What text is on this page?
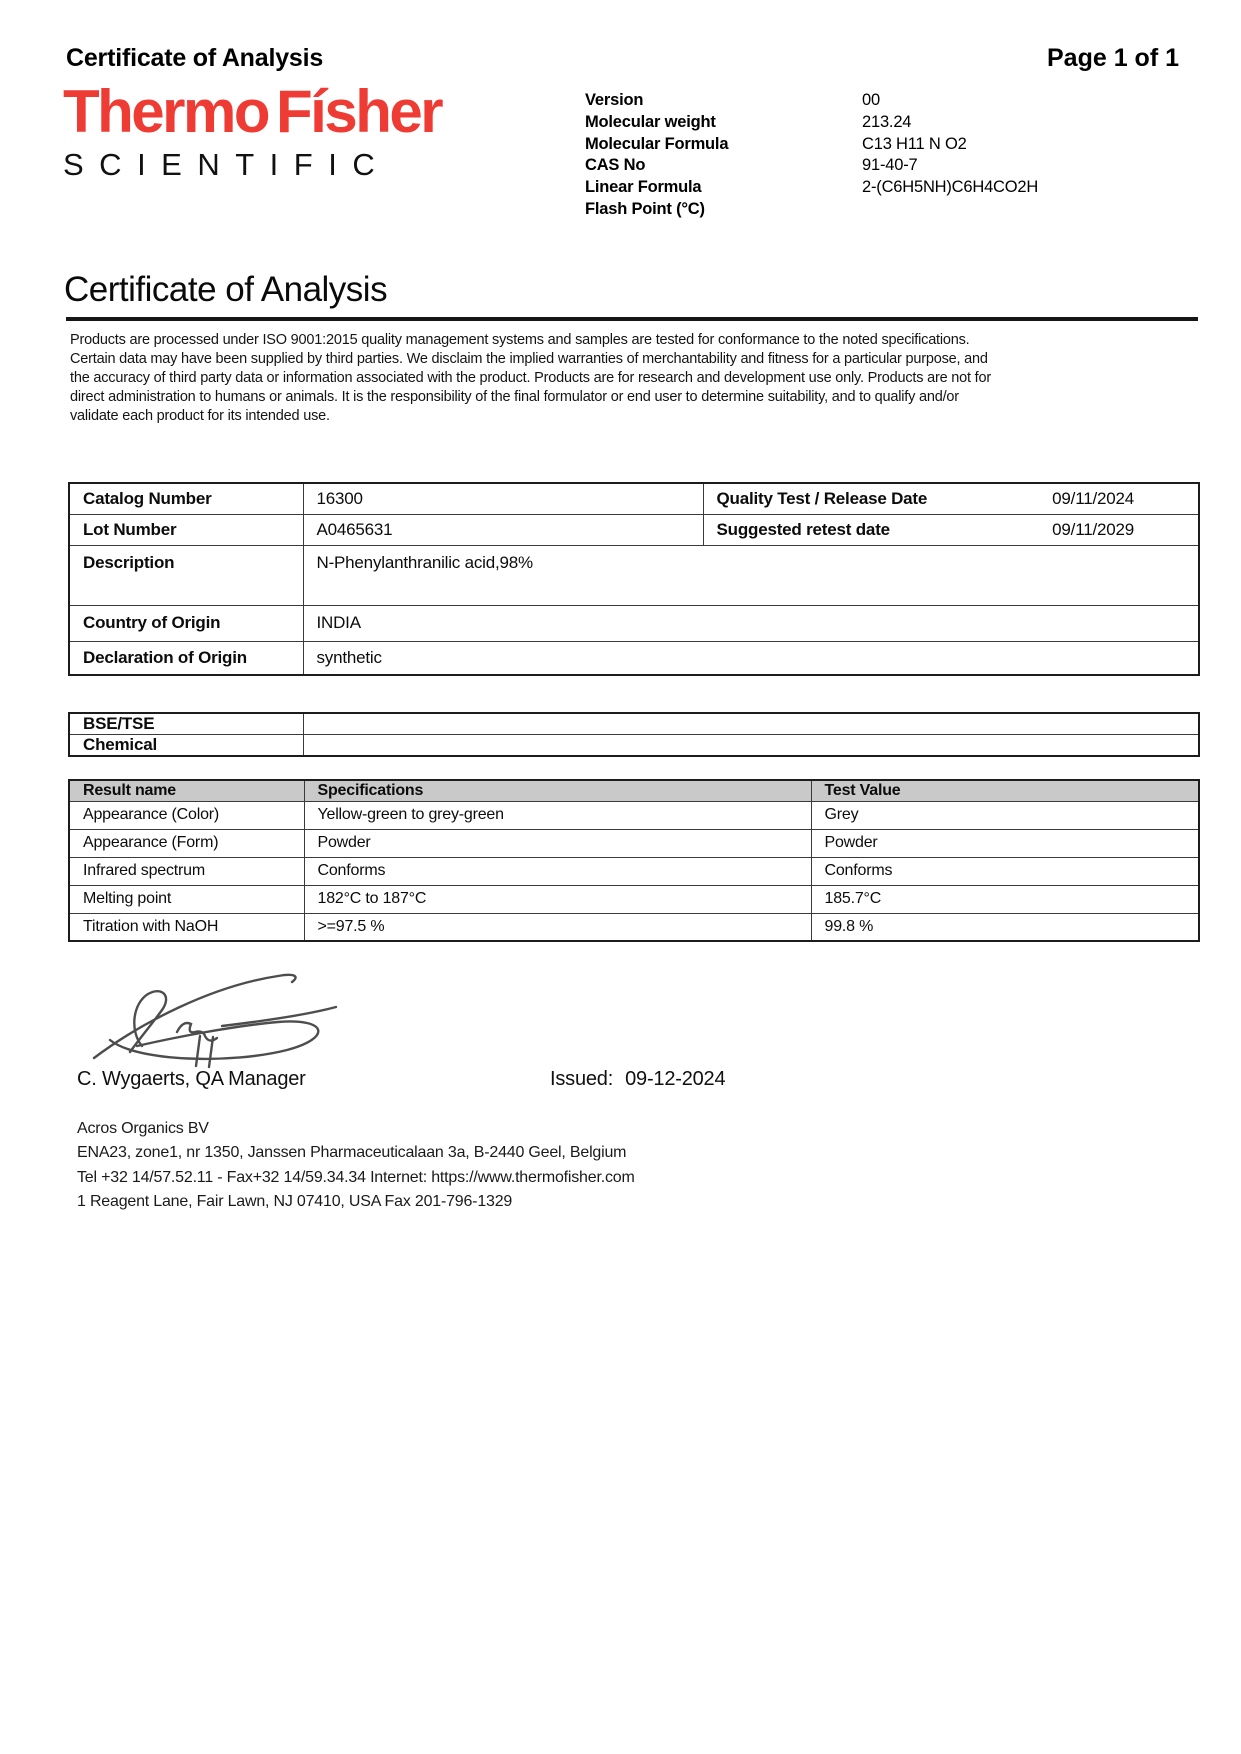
Certificate of Analysis	Page 1 of 1
Thermo Físher
SCIENTIFIC
Version	00
Molecular weight	213.24
Molecular Formula	C13 H11 N O2
CAS No	91-40-7
Linear Formula	2-(C6H5NH)C6H4CO2H
Flash Point (°C)
Certificate of Analysis
Products are processed under ISO 9001:2015 quality management systems and samples are tested for conformance to the noted specifications.
Certain data may have been supplied by third parties. We disclaim the implied warranties of merchantability and fitness for a particular purpose, and
the accuracy of third party data or information associated with the product. Products are for research and development use only. Products are not for
direct administration to humans or animals. It is the responsibility of the final formulator or end user to determine suitability, and to qualify and/or
validate each product for its intended use.
Catalog Number	16300	Quality Test / Release Date 09/11/2024

Lot Number	A0465631	Suggested retest date 09/11/2029

Description	N-Phenylanthranilic acid,98%	
Country of Origin	INDIA	
Declaration of Origin	synthetic	
BSE/TSE	
Chemical	
Result name	Specifications	Test Value
Appearance (Color)	Yellow-green to grey-green	Grey
Appearance (Form)	Powder	Powder
Infrared spectrum	Conforms	Conforms
Melting point	182°C to 187°C	185.7°C
Titration with NaOH	>=97.5 %	99.8 %
C. Wygaerts, QA Manager	Issued: 09-12-2024
Acros Organics BV
ENA23, zone1, nr 1350, Janssen Pharmaceuticalaan 3a, B-2440 Geel, Belgium
Tel +32 14/57.52.11 - Fax+32 14/59.34.34 Internet: https://www.thermofisher.com
1 Reagent Lane, Fair Lawn, NJ 07410, USA Fax 201-796-1329
